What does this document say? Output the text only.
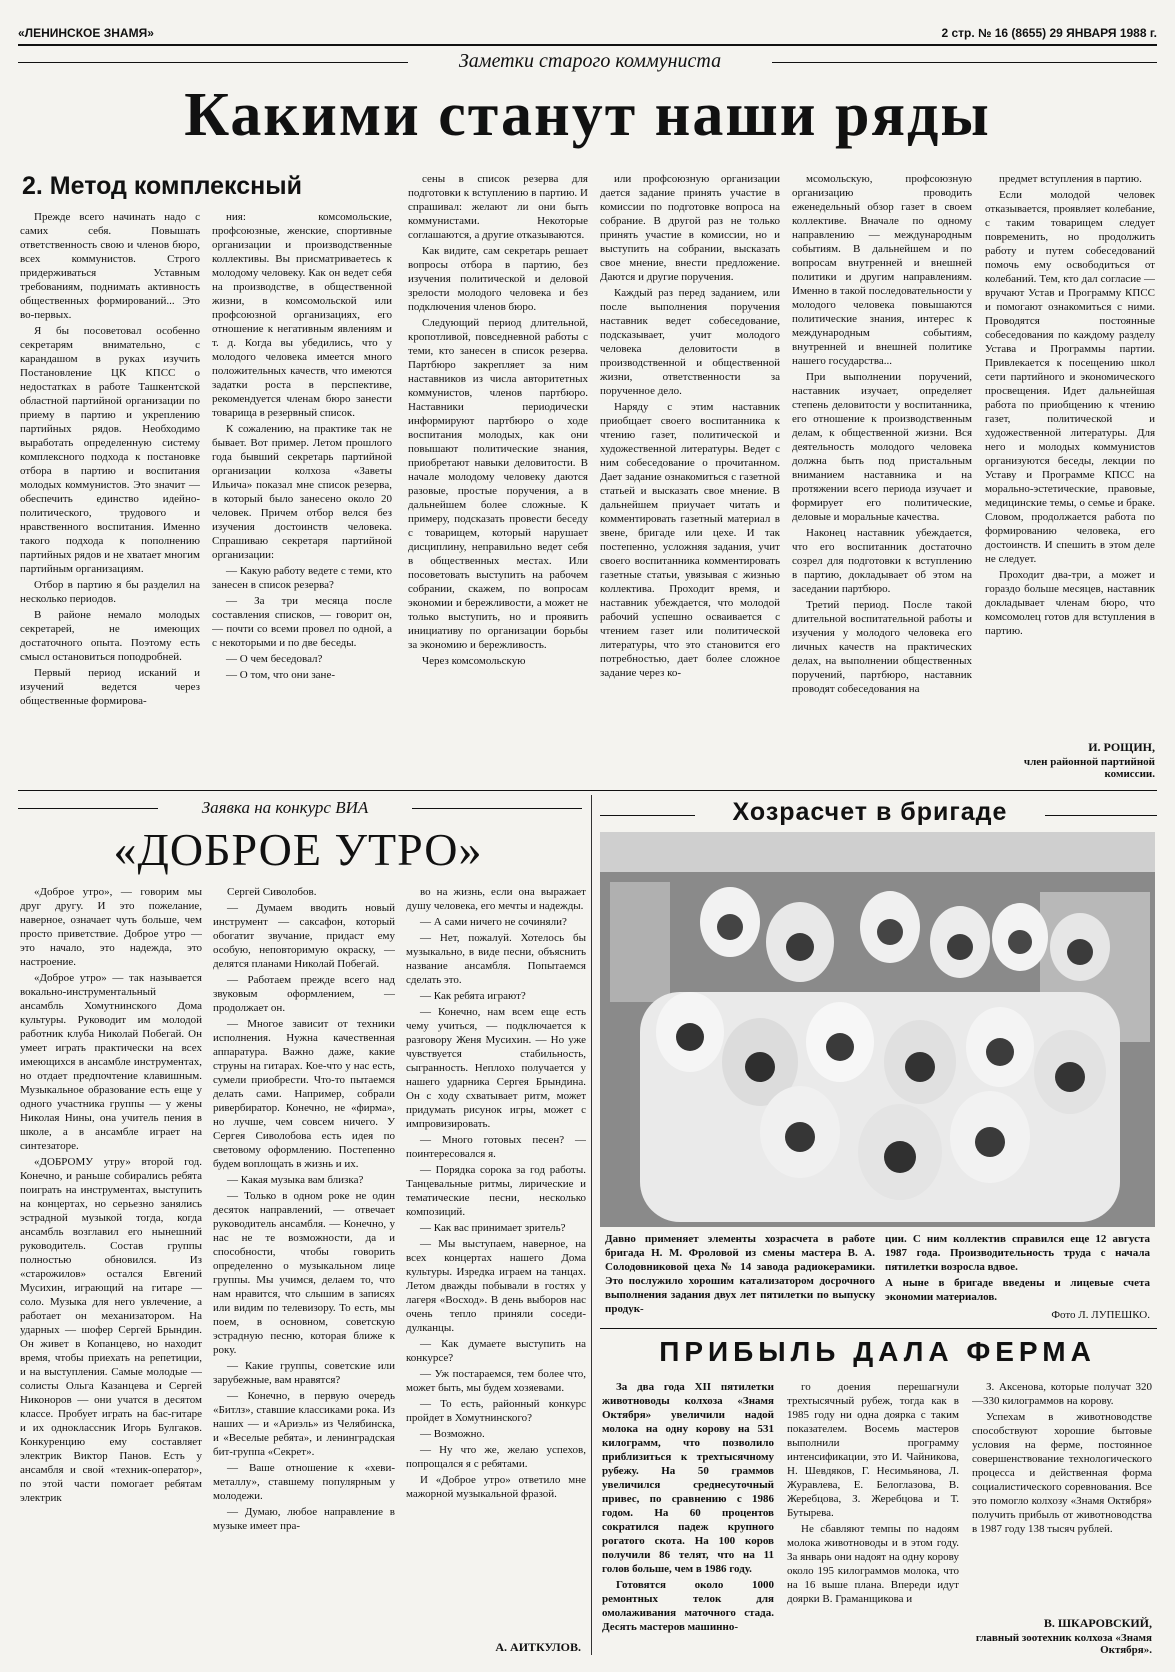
«ЛЕНИНСКОЕ ЗНАМЯ»	2 стр. № 16 (8655) 29 ЯНВАРЯ 1988 г.
Заметки старого коммуниста
Какими станут наши ряды
2. Метод комплексный

Прежде всего начинать надо с самих себя. Повышать ответственность свою и членов бюро, всех коммунистов. Строго придерживаться Уставным требованиям, поднимать активность общественных формирований... Это во-первых.

Я бы посоветовал особенно секретарям внимательно, с карандашом в руках изучить Постановление ЦК КПСС о недостатках в работе Ташкентской областной партийной организации по приему в партию и укреплению партийных рядов. Необходимо выработать определенную систему комплексного подхода к постановке отбора в партию и воспитания молодых коммунистов. Это значит — обеспечить единство идейно-политического, трудового и нравственного воспитания. Именно такого подхода к пополнению партийных рядов и не хватает многим партийным организациям.

Отбор в партию я бы разделил на несколько периодов.

В районе немало молодых секретарей, не имеющих достаточного опыта. Поэтому есть смысл остановиться поподробней.

Первый период исканий и изучений ведется через общественные формирова-

ния: комсомольские, профсоюзные, женские, спортивные организации и производственные коллективы. Вы присматриваетесь к молодому человеку. Как он ведет себя на производстве, в общественной жизни, в комсомольской или профсоюзной организациях, его отношение к негативным явлениям и т. д. Когда вы убедились, что у молодого человека имеется много положительных качеств, что имеются задатки роста в перспективе, рекомендуется членам бюро занести товарища в резервный список.

К сожалению, на практике так не бывает. Вот пример. Летом прошлого года бывший секретарь партийной организации колхоза «Заветы Ильича» показал мне список резерва, в который было занесено около 20 человек. Причем отбор велся без изучения достоинств человека. Спрашиваю секретаря партийной организации:

— Какую работу ведете с теми, кто занесен в список резерва?

— За три месяца после составления списков, — говорит он, — почти со всеми провел по одной, а с некоторыми и по две беседы.

— О чем беседовал?

— О том, что они зане-

сены в список резерва для подготовки к вступлению в партию. И спрашивал: желают ли они быть коммунистами. Некоторые соглашаются, а другие отказываются.

Как видите, сам секретарь решает вопросы отбора в партию, без изучения политической и деловой зрелости молодого человека и без подключения членов бюро.

Следующий период длительной, кропотливой, повседневной работы с теми, кто занесен в список резерва. Партбюро закрепляет за ним наставников из числа авторитетных коммунистов, членов партбюро. Наставники периодически информируют партбюро о ходе воспитания молодых, как они повышают политические знания, приобретают навыки деловитости. В начале молодому человеку даются разовые, простые поручения, а в дальнейшем более сложные. К примеру, подсказать провести беседу с товарищем, который нарушает дисциплину, неправильно ведет себя в общественных местах. Или посоветовать выступить на рабочем собрании, скажем, по вопросам экономии и бережливости, а может не только выступить, но и проявить инициативу по организации борьбы за экономию и бережливость.

Через комсомольскую

или профсоюзную организации дается задание принять участие в комиссии по подготовке вопроса на собрание. В другой раз не только принять участие в комиссии, но и выступить на собрании, высказать свое мнение, внести предложение. Даются и другие поручения.

Каждый раз перед заданием, или после выполнения поручения наставник ведет собеседование, подсказывает, учит молодого человека деловитости в производственной и общественной жизни, ответственности за порученное дело.

Наряду с этим наставник приобщает своего воспитанника к чтению газет, политической и художественной литературы. Ведет с ним собеседование о прочитанном. Дает задание ознакомиться с газетной статьей и высказать свое мнение. В дальнейшем приучает читать и комментировать газетный материал в звене, бригаде или цехе. И так постепенно, усложняя задания, учит своего воспитанника комментировать газетные статьи, увязывая с жизнью коллектива. Проходит время, и наставник убеждается, что молодой рабочий успешно осваивается с чтением газет или политической литературы, что это становится его потребностью, дает более сложное задание через ко-

мсомольскую, профсоюзную организацию проводить еженедельный обзор газет в своем коллективе. Вначале по одному направлению — международным событиям. В дальнейшем и по вопросам внутренней и внешней политики и другим направлениям. Именно в такой последовательности у молодого человека повышаются политические знания, интерес к международным событиям, внутренней и внешней политике нашего государства...

При выполнении поручений, наставник изучает, определяет степень деловитости у воспитанника, его отношение к производственным делам, к общественной жизни. Вся деятельность молодого человека должна быть под пристальным вниманием наставника и на протяжении всего периода изучает и формирует его политические, деловые и моральные качества.

Наконец наставник убеждается, что его воспитанник достаточно созрел для подготовки к вступлению в партию, докладывает об этом на заседании партбюро.

Третий период. После такой длительной воспитательной работы и изучения у молодого человека его личных качеств на практических делах, на выполнении общественных поручений, партбюро, наставник проводят собеседования на

предмет вступления в партию.

Если молодой человек отказывается, проявляет колебание, с таким товарищем следует повременить, но продолжить работу и путем собеседований помочь ему освободиться от колебаний. Тем, кто дал согласие — вручают Устав и Программу КПСС и помогают ознакомиться с ними. Проводятся постоянные собеседования по каждому разделу Устава и Программы партии. Привлекается к посещению школ сети партийного и экономического просвещения. Идет дальнейшая работа по приобщению к чтению газет, политической и художественной литературы. Для него и молодых коммунистов организуются беседы, лекции по Уставу и Программе КПСС на морально-эстетические, правовые, медицинские темы, о семье и браке. Словом, продолжается работа по формированию человека, его достоинств. И спешить в этом деле не следует.

Проходит два-три, а может и гораздо больше месяцев, наставник докладывает членам бюро, что комсомолец готов для вступления в партию.

И. РОЩИН,
член районной партийной комиссии.
Заявка на конкурс ВИА
«ДОБРОЕ УТРО»

«Доброе утро», — говорим мы друг другу. И это пожелание, наверное, означает чуть больше, чем просто приветствие. Доброе утро — это начало, это надежда, это настроение.

«Доброе утро» — так называется вокально-инструментальный ансамбль Хомутнинского Дома культуры. Руководит им молодой работник клуба Николай Побегай. Он умеет играть практически на всех имеющихся в ансамбле инструментах, но отдает предпочтение клавишным. Музыкальное образование есть еще у одного участника группы — у жены Николая Нины, она учитель пения в школе, а в ансамбле играет на синтезаторе.

«ДОБРОМУ утру» второй год. Конечно, и раньше собирались ребята поиграть на инструментах, выступить на концертах, но серьезно занялись эстрадной музыкой тогда, когда ансамбль возглавил его нынешний руководитель. Состав группы полностью обновился. Из «старожилов» остался Евгений Мусихин, играющий на гитаре — соло. Музыка для него увлечение, а работает он механизатором. На ударных — шофер Сергей Брындин. Он живет в Копанцево, но находит время, чтобы приехать на репетиции, и на выступления. Самые молодые — солисты Ольга Казанцева и Сергей Никоноров — они учатся в десятом классе. Пробует играть на бас-гитаре и их одноклассник Игорь Булгаков. Конкуренцию ему составляет электрик Виктор Панов. Есть у ансамбля и свой «техник-оператор», по этой части помогает ребятам электрик

Сергей Сиволобов.

— Думаем вводить новый инструмент — саксафон, который обогатит звучание, придаст ему особую, неповторимую окраску, — делятся планами Николай Побегай.

— Работаем прежде всего над звуковым оформлением, — продолжает он.

— Многое зависит от техники исполнения. Нужна качественная аппаратура. Важно даже, какие струны на гитарах. Кое-что у нас есть, сумели приобрести. Что-то пытаемся делать сами. Например, собрали ривербиратор. Конечно, не «фирма», но лучше, чем совсем ничего. У Сергея Сиволобова есть идея по световому оформлению. Постепенно будем воплощать в жизнь и их.

— Какая музыка вам близка?

— Только в одном роке не один десяток направлений, — отвечает руководитель ансамбля. — Конечно, у нас не те возможности, да и способности, чтобы говорить определенно о музыкальном лице группы. Мы учимся, делаем то, что нам нравится, что слышим в записях или видим по телевизору. То есть, мы поем, в основном, советскую эстрадную песню, которая ближе к року.

— Какие группы, советские или зарубежные, вам нравятся?

— Конечно, в первую очередь «Битлз», ставшие классиками рока. Из наших — и «Ариэль» из Челябинска, и «Веселые ребята», и ленинградская бит-группа «Секрет».

— Ваше отношение к «хеви-металлу», ставшему популярным у молодежи.

— Думаю, любое направление в музыке имеет пра-

во на жизнь, если она выражает душу человека, его мечты и надежды.

— А сами ничего не сочиняли?

— Нет, пожалуй. Хотелось бы музыкально, в виде песни, объяснить название ансамбля. Попытаемся сделать это.

— Как ребята играют?

— Конечно, нам всем еще есть чему учиться, — подключается к разговору Женя Мусихин. — Но уже чувствуется стабильность, сыгранность. Неплохо получается у нашего ударника Сергея Брындина. Он с ходу схватывает ритм, может придумать рисунок игры, может с импровизировать.

— Много готовых песен? — поинтересовался я.

— Порядка сорока за год работы. Танцевальные ритмы, лирические и тематические песни, несколько композиций.

— Как вас принимает зритель?

— Мы выступаем, наверное, на всех концертах нашего Дома культуры. Изредка играем на танцах. Летом дважды побывали в гостях у лагеря «Восход». В день выборов нас очень тепло приняли соседи-дулканцы.

— Как думаете выступить на конкурсе?

— Уж постараемся, тем более что, может быть, мы будем хозяевами.

— То есть, районный конкурс пройдет в Хомутнинского?

— Возможно.

— Ну что же, желаю успехов, попрощался я с ребятами.

И «Доброе утро» ответило мне мажорной музыкальной фразой.

А. АИТКУЛОВ.
Хозрасчет в бригаде

Давно применяет элементы хозрасчета в работе бригада Н. М. Фроловой из смены мастера В. А. Солодовниковой цеха № 14 завода радиокерамики. Это послужило хорошим катализатором досрочного выполнения задания двух лет пятилетки по выпуску продук-

ции. С ним коллектив справился еще 12 августа 1987 года. Производительность труда с начала пятилетки возросла вдвое.

А ныне в бригаде введены и лицевые счета экономии материалов.

Фото Л. ЛУПЕШКО.

ПРИБЫЛЬ ДАЛА ФЕРМА

За два года XII пятилетки животноводы колхоза «Знамя Октября» увеличили надой молока на одну корову на 531 килограмм, что позволило приблизиться к трехтысячному рубежу. На 50 граммов увеличился среднесуточный привес, по сравнению с 1986 годом. На 60 процентов сократился падеж крупного рогатого скота. На 100 коров получили 86 телят, что на 11 голов больше, чем в 1986 году.

Готовятся около 1000 ремонтных телок для омолаживания маточного стада. Десять мастеров машинно-

го доения перешагнули трехтысячный рубеж, тогда как в 1985 году ни одна доярка с таким показателем. Восемь мастеров выполнили программу интенсификации, это И. Чайникова, Н. Шевдяков, Г. Несимьянова, Л. Журавлева, Е. Белоглазова, В. Жеребцова, З. Жеребцова и Т. Бутырева.

Не сбавляют темпы по надоям молока животноводы и в этом году. За январь они надоят на одну корову около 195 килограммов молока, что на 16 выше плана. Впереди идут доярки В. Граманщикова и

З. Аксенова, которые получат 320—330 килограммов на корову.

Успехам в животноводстве способствуют хорошие бытовые условия на ферме, постоянное совершенствование технологического процесса и действенная форма социалистического соревнования. Все это помогло колхозу «Знамя Октября» получить прибыль от животноводства в 1987 году 138 тысяч рублей.

В. ШКАРОВСКИЙ,
главный зоотехник колхоза «Знамя Октября».
